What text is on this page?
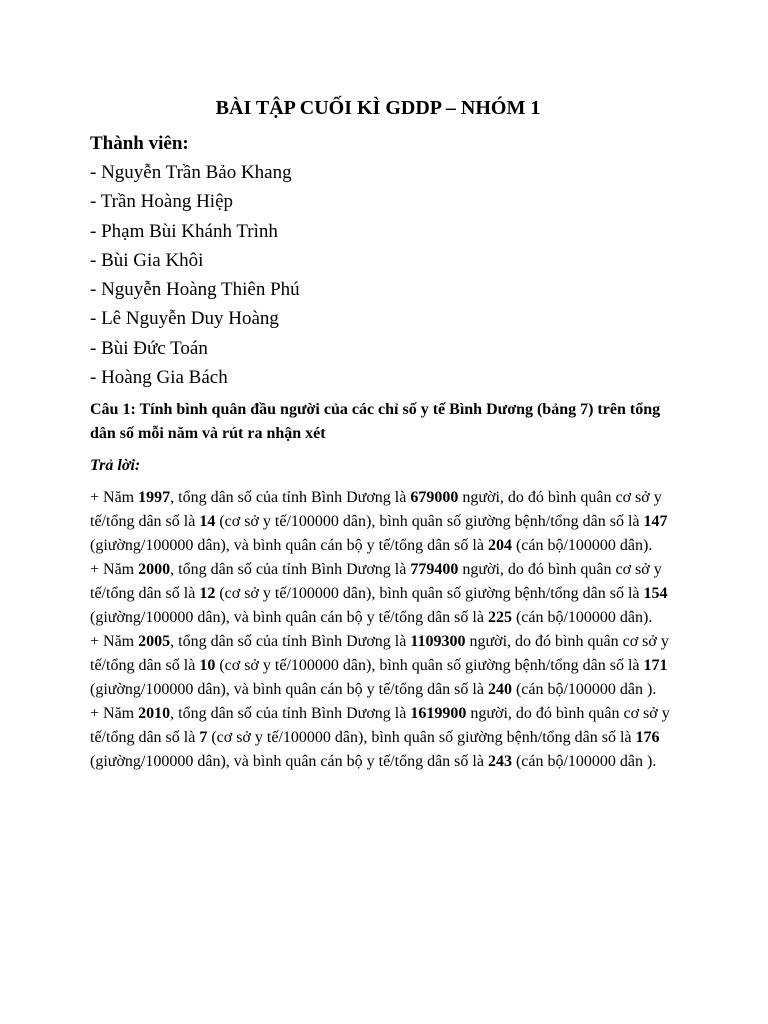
BÀI TẬP CUỐI KÌ GDDP – NHÓM 1

Thành viên:

- Nguyễn Trần Bảo Khang
- Trần Hoàng Hiệp
- Phạm Bùi Khánh Trình
- Bùi Gia Khôi
- Nguyễn Hoàng Thiên Phú
- Lê Nguyễn Duy Hoàng
- Bùi Đức Toán
- Hoàng Gia Bách

Câu 1: Tính bình quân đầu người của các chỉ số y tế Bình Dương (bảng 7) trên tổng dân số mỗi năm và rút ra nhận xét

Trả lời:

+ Năm 1997, tổng dân số của tỉnh Bình Dương là 679000 người, do đó bình quân cơ sở y tế/tổng dân số là 14 (cơ sở y tế/100000 dân), bình quân số giường bệnh/tổng dân số là 147 (giường/100000 dân), và bình quân cán bộ y tế/tổng dân số là 204 (cán bộ/100000 dân).

+ Năm 2000, tổng dân số của tỉnh Bình Dương là 779400 người, do đó bình quân cơ sở y tế/tổng dân số là 12 (cơ sở y tế/100000 dân), bình quân số giường bệnh/tổng dân số là 154 (giường/100000 dân), và bình quân cán bộ y tế/tổng dân số là 225 (cán bộ/100000 dân).

+ Năm 2005, tổng dân số của tỉnh Bình Dương là 1109300 người, do đó bình quân cơ sở y tế/tổng dân số là 10 (cơ sở y tế/100000 dân), bình quân số giường bệnh/tổng dân số là 171 (giường/100000 dân), và bình quân cán bộ y tế/tổng dân số là 240 (cán bộ/100000 dân ).

+ Năm 2010, tổng dân số của tỉnh Bình Dương là 1619900 người, do đó bình quân cơ sở y tế/tổng dân số là 7 (cơ sở y tế/100000 dân), bình quân số giường bệnh/tổng dân số là 176 (giường/100000 dân), và bình quân cán bộ y tế/tổng dân số là 243 (cán bộ/100000 dân ).
